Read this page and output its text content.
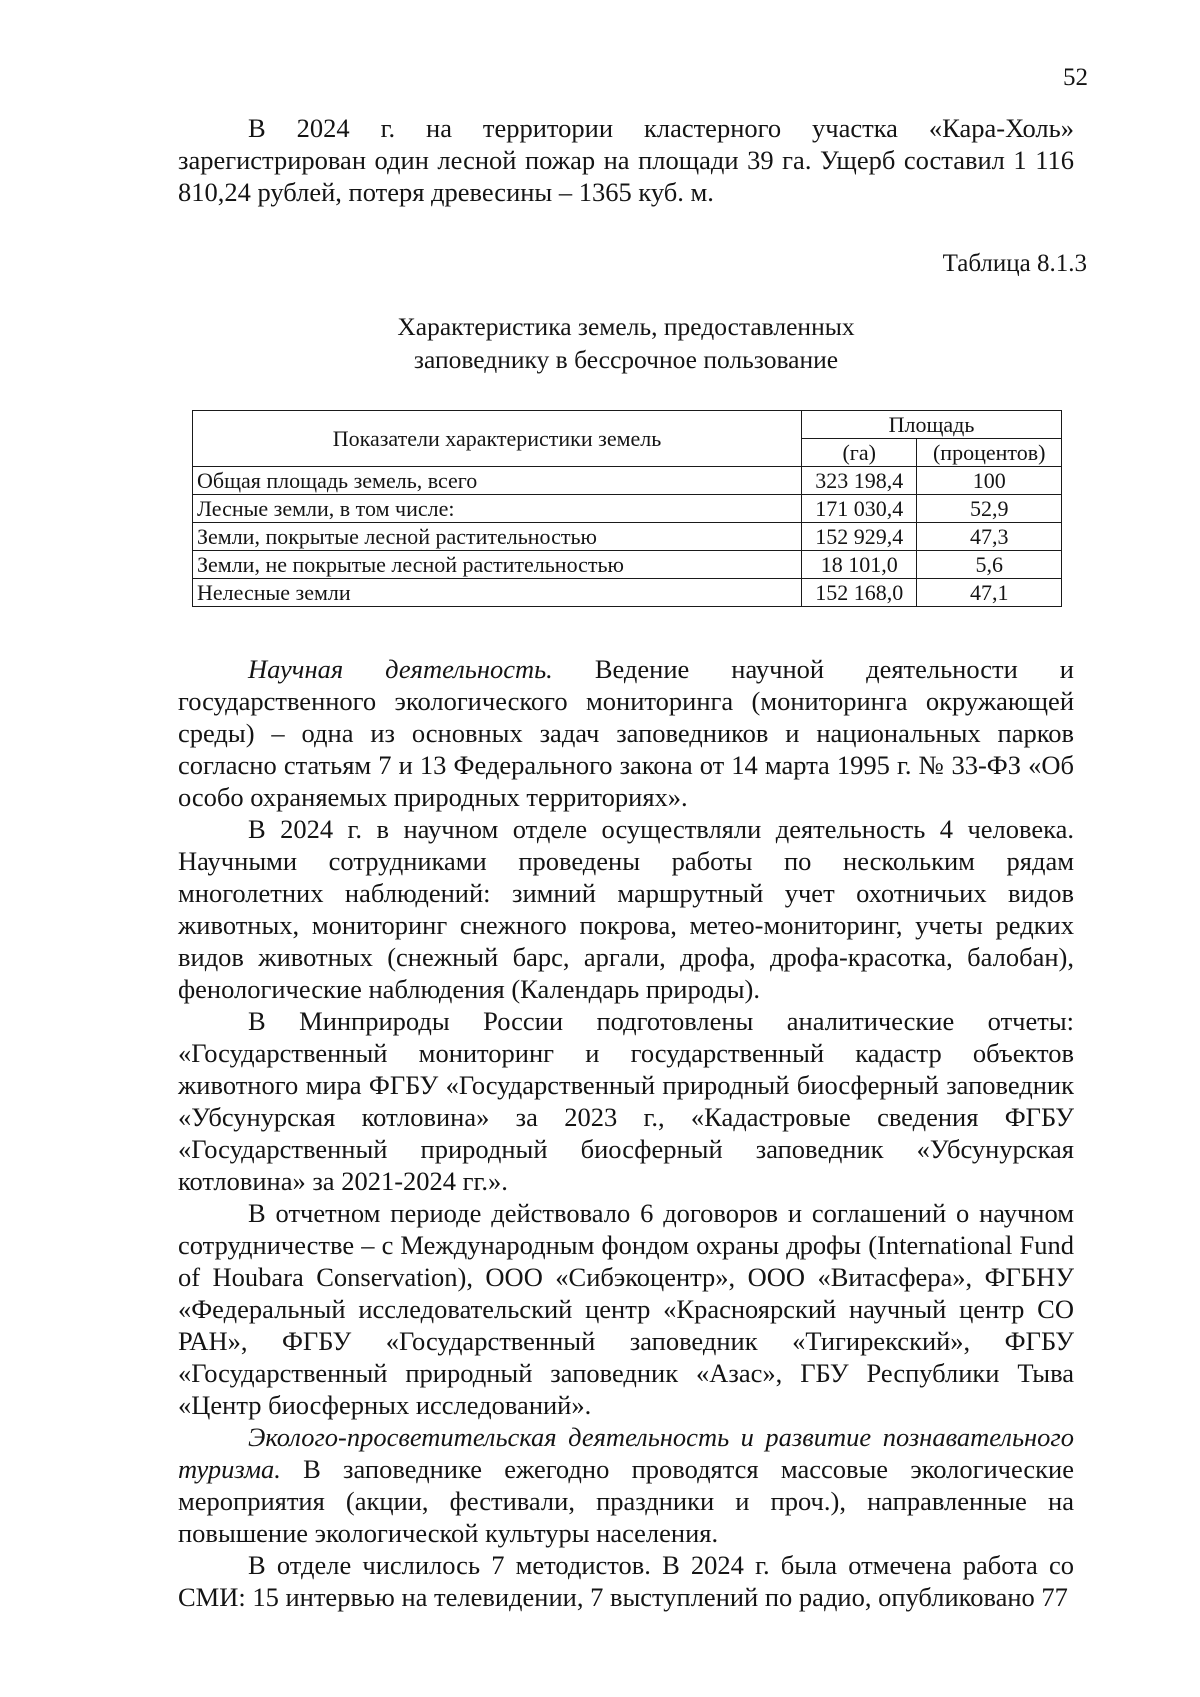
52

В 2024 г. на территории кластерного участка «Кара-Холь» зарегистрирован один лесной пожар на площади 39 га. Ущерб составил 1 116 810,24 рублей, потеря древесины – 1365 куб. м.

Таблица 8.1.3
Характеристика земель, предоставленных
заповеднику в бессрочное пользование
Показатели характеристики земель	Площадь	
	(га)	(процентов)
Общая площадь земель, всего	323 198,4	100
Лесные земли, в том числе:	171 030,4	52,9
Земли, покрытые лесной растительностью	152 929,4	47,3
Земли, не покрытые лесной растительностью	18 101,0	5,6
Нелесные земли	152 168,0	47,1

Научная деятельность. Ведение научной деятельности и государственного экологического мониторинга (мониторинга окружающей среды) – одна из основных задач заповедников и национальных парков согласно статьям 7 и 13 Федерального закона от 14 марта 1995 г. № 33-ФЗ «Об особо охраняемых природных территориях».

В 2024 г. в научном отделе осуществляли деятельность 4 человека. Научными сотрудниками проведены работы по нескольким рядам многолетних наблюдений: зимний маршрутный учет охотничьих видов животных, мониторинг снежного покрова, метео-мониторинг, учеты редких видов животных (снежный барс, аргали, дрофа, дрофа-красотка, балобан), фенологические наблюдения (Календарь природы).

В Минприроды России подготовлены аналитические отчеты: «Государственный мониторинг и государственный кадастр объектов животного мира ФГБУ «Государственный природный биосферный заповедник «Убсунурская котловина» за 2023 г., «Кадастровые сведения ФГБУ «Государственный природный биосферный заповедник «Убсунурская котловина» за 2021-2024 гг.».

В отчетном периоде действовало 6 договоров и соглашений о научном сотрудничестве – с Международным фондом охраны дрофы (International Fund of Houbara Conservation), ООО «Сибэкоцентр», ООО «Витасфера», ФГБНУ «Федеральный исследовательский центр «Красноярский научный центр СО РАН», ФГБУ «Государственный заповедник «Тигирекский», ФГБУ «Государственный природный заповедник «Азас», ГБУ Республики Тыва «Центр биосферных исследований».

Эколого-просветительская деятельность и развитие познавательного туризма. В заповеднике ежегодно проводятся массовые экологические мероприятия (акции, фестивали, праздники и проч.), направленные на повышение экологической культуры населения.

В отделе числилось 7 методистов. В 2024 г. была отмечена работа со СМИ: 15 интервью на телевидении, 7 выступлений по радио, опубликовано 77
